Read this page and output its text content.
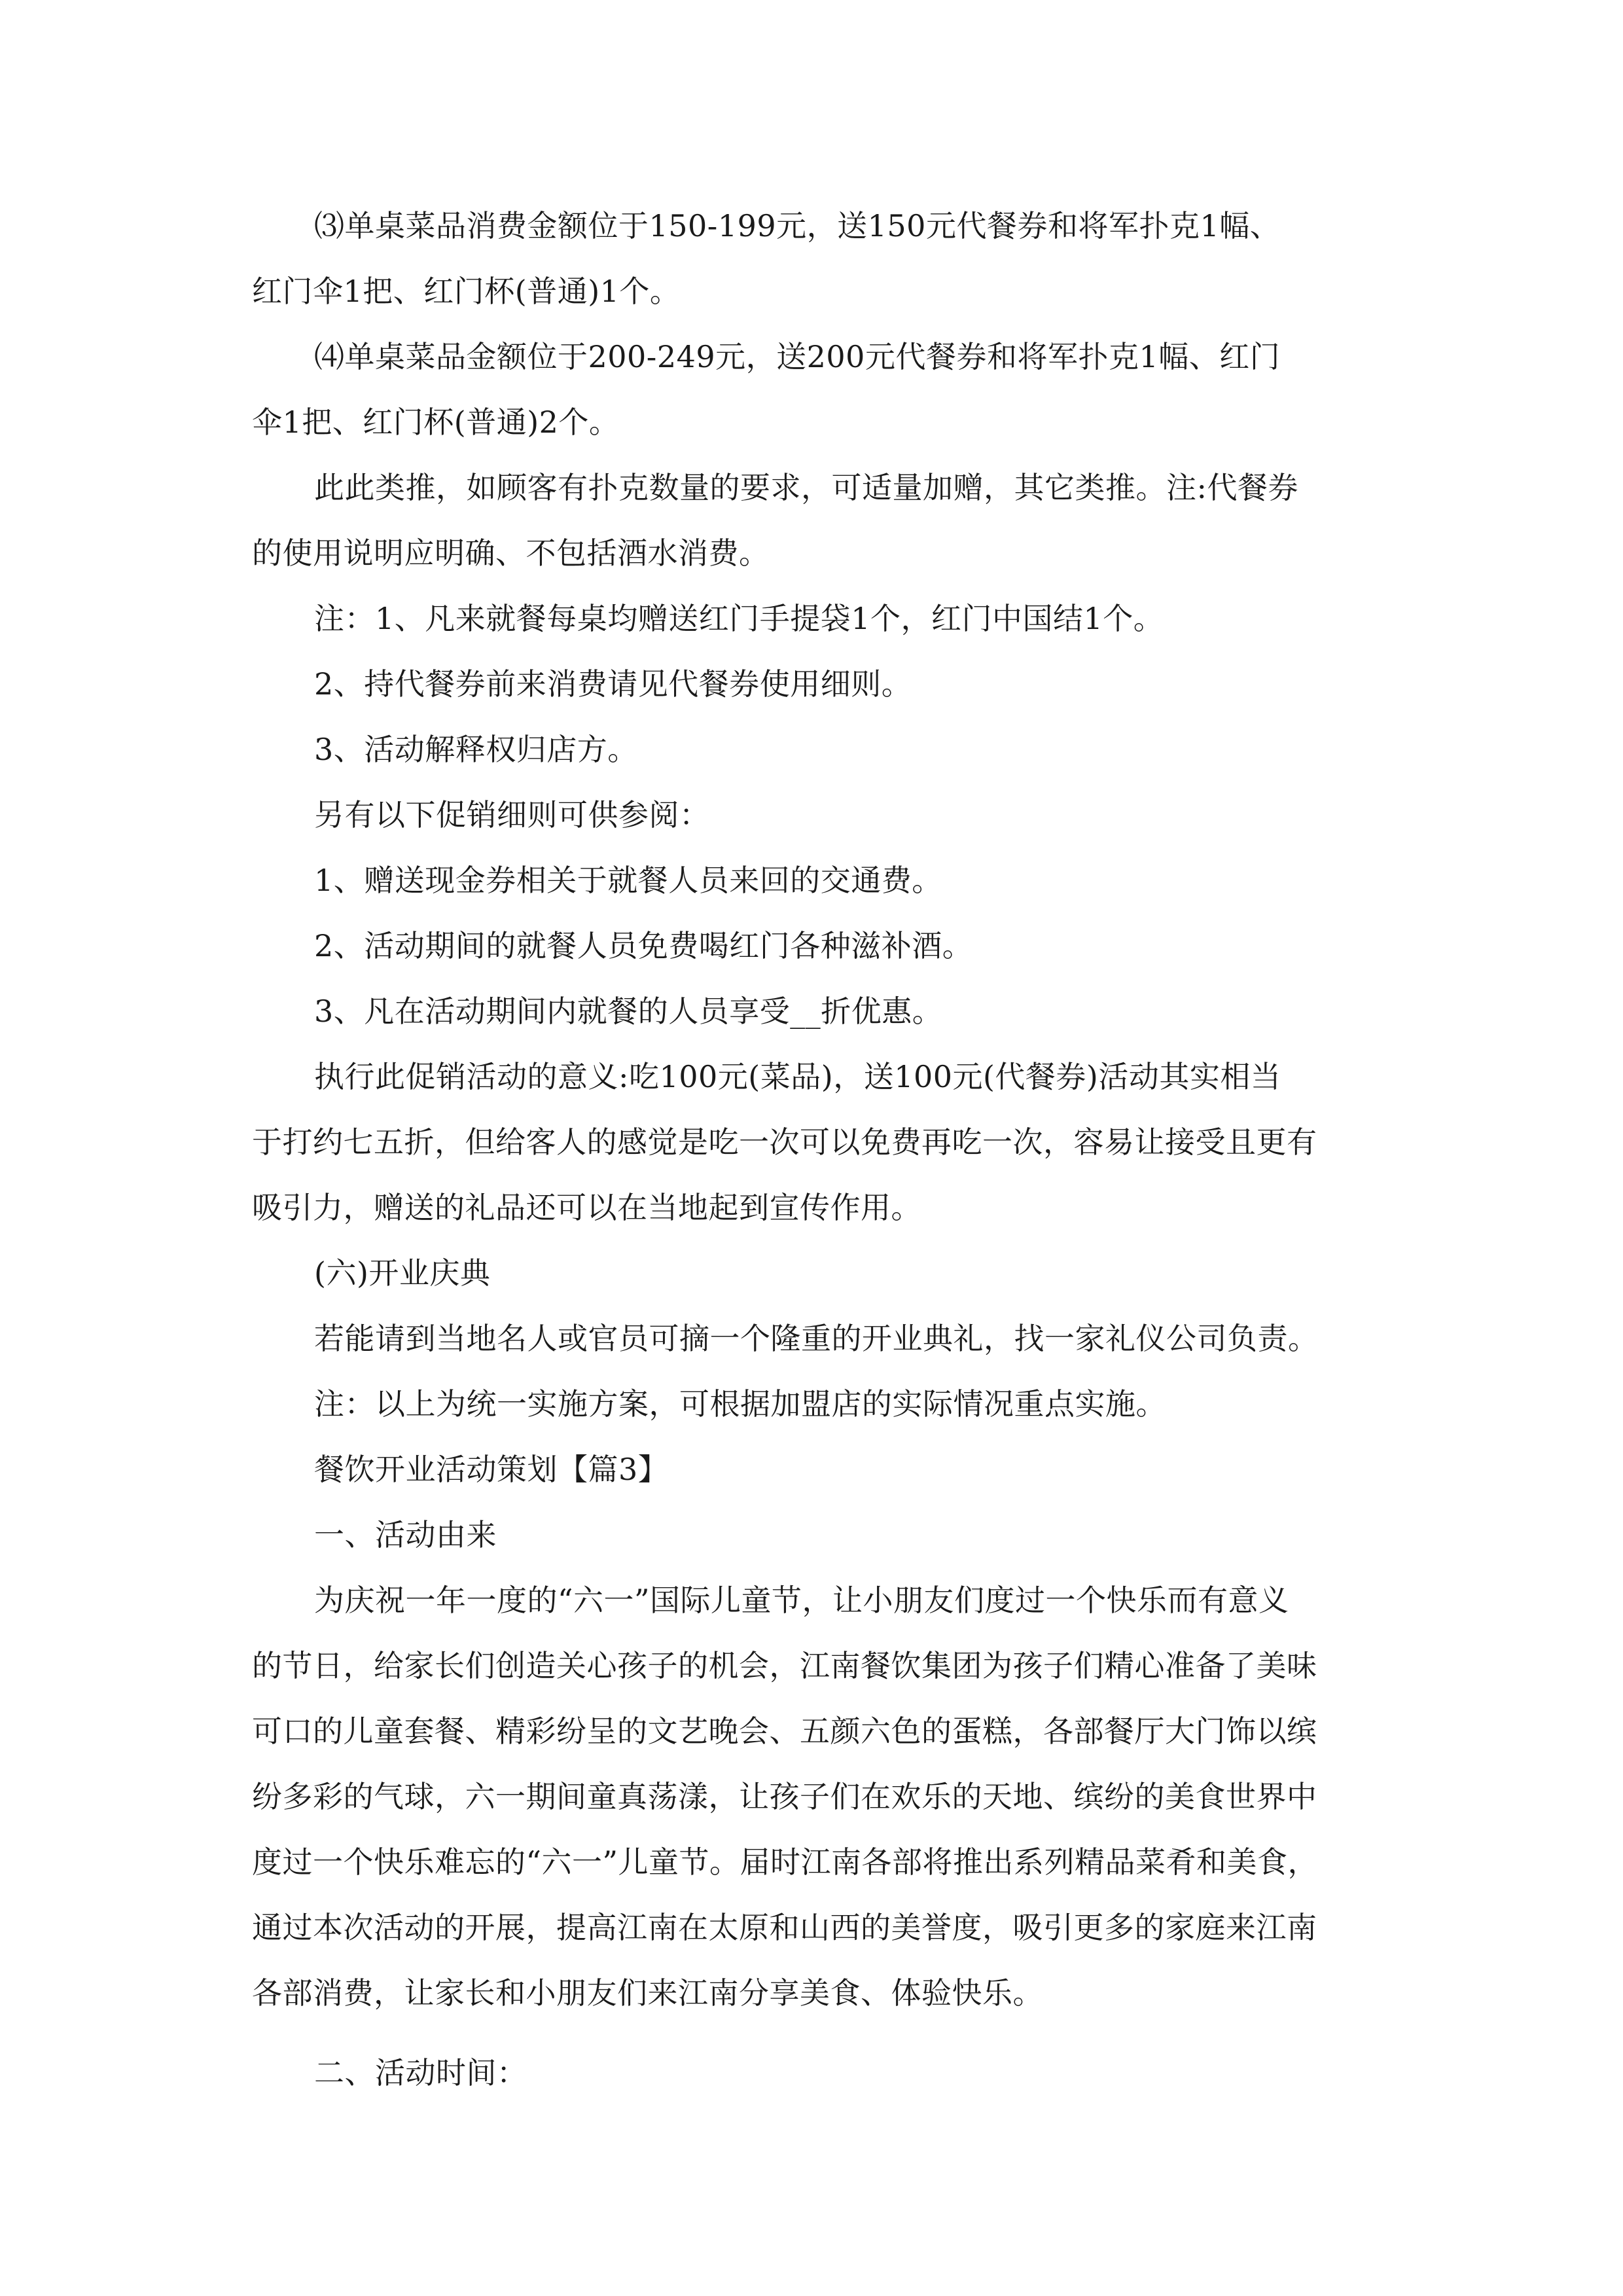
⑶单桌菜品消费金额位于150-199元，送150元代餐券和将军扑克1幅、
红门伞1把、红门杯(普通)1个。
⑷单桌菜品金额位于200-249元，送200元代餐券和将军扑克1幅、红门
伞1把、红门杯(普通)2个。
此此类推，如顾客有扑克数量的要求，可适量加赠，其它类推。注:代餐券
的使用说明应明确、不包括酒水消费。
注：1、凡来就餐每桌均赠送红门手提袋1个，红门中国结1个。
2、持代餐券前来消费请见代餐券使用细则。
3、活动解释权归店方。
另有以下促销细则可供参阅：
1、赠送现金券相关于就餐人员来回的交通费。
2、活动期间的就餐人员免费喝红门各种滋补酒。
3、凡在活动期间内就餐的人员享受__折优惠。
执行此促销活动的意义:吃100元(菜品)，送100元(代餐券)活动其实相当
于打约七五折，但给客人的感觉是吃一次可以免费再吃一次，容易让接受且更有
吸引力，赠送的礼品还可以在当地起到宣传作用。
(六)开业庆典
若能请到当地名人或官员可摘一个隆重的开业典礼，找一家礼仪公司负责。
注：以上为统一实施方案，可根据加盟店的实际情况重点实施。
餐饮开业活动策划【篇3】
一、活动由来
为庆祝一年一度的“六一”国际儿童节，让小朋友们度过一个快乐而有意义
的节日，给家长们创造关心孩子的机会，江南餐饮集团为孩子们精心准备了美味
可口的儿童套餐、精彩纷呈的文艺晚会、五颜六色的蛋糕，各部餐厅大门饰以缤
纷多彩的气球，六一期间童真荡漾，让孩子们在欢乐的天地、缤纷的美食世界中
度过一个快乐难忘的“六一”儿童节。届时江南各部将推出系列精品菜肴和美食，
通过本次活动的开展，提高江南在太原和山西的美誉度，吸引更多的家庭来江南
各部消费，让家长和小朋友们来江南分享美食、体验快乐。
二、活动时间：
